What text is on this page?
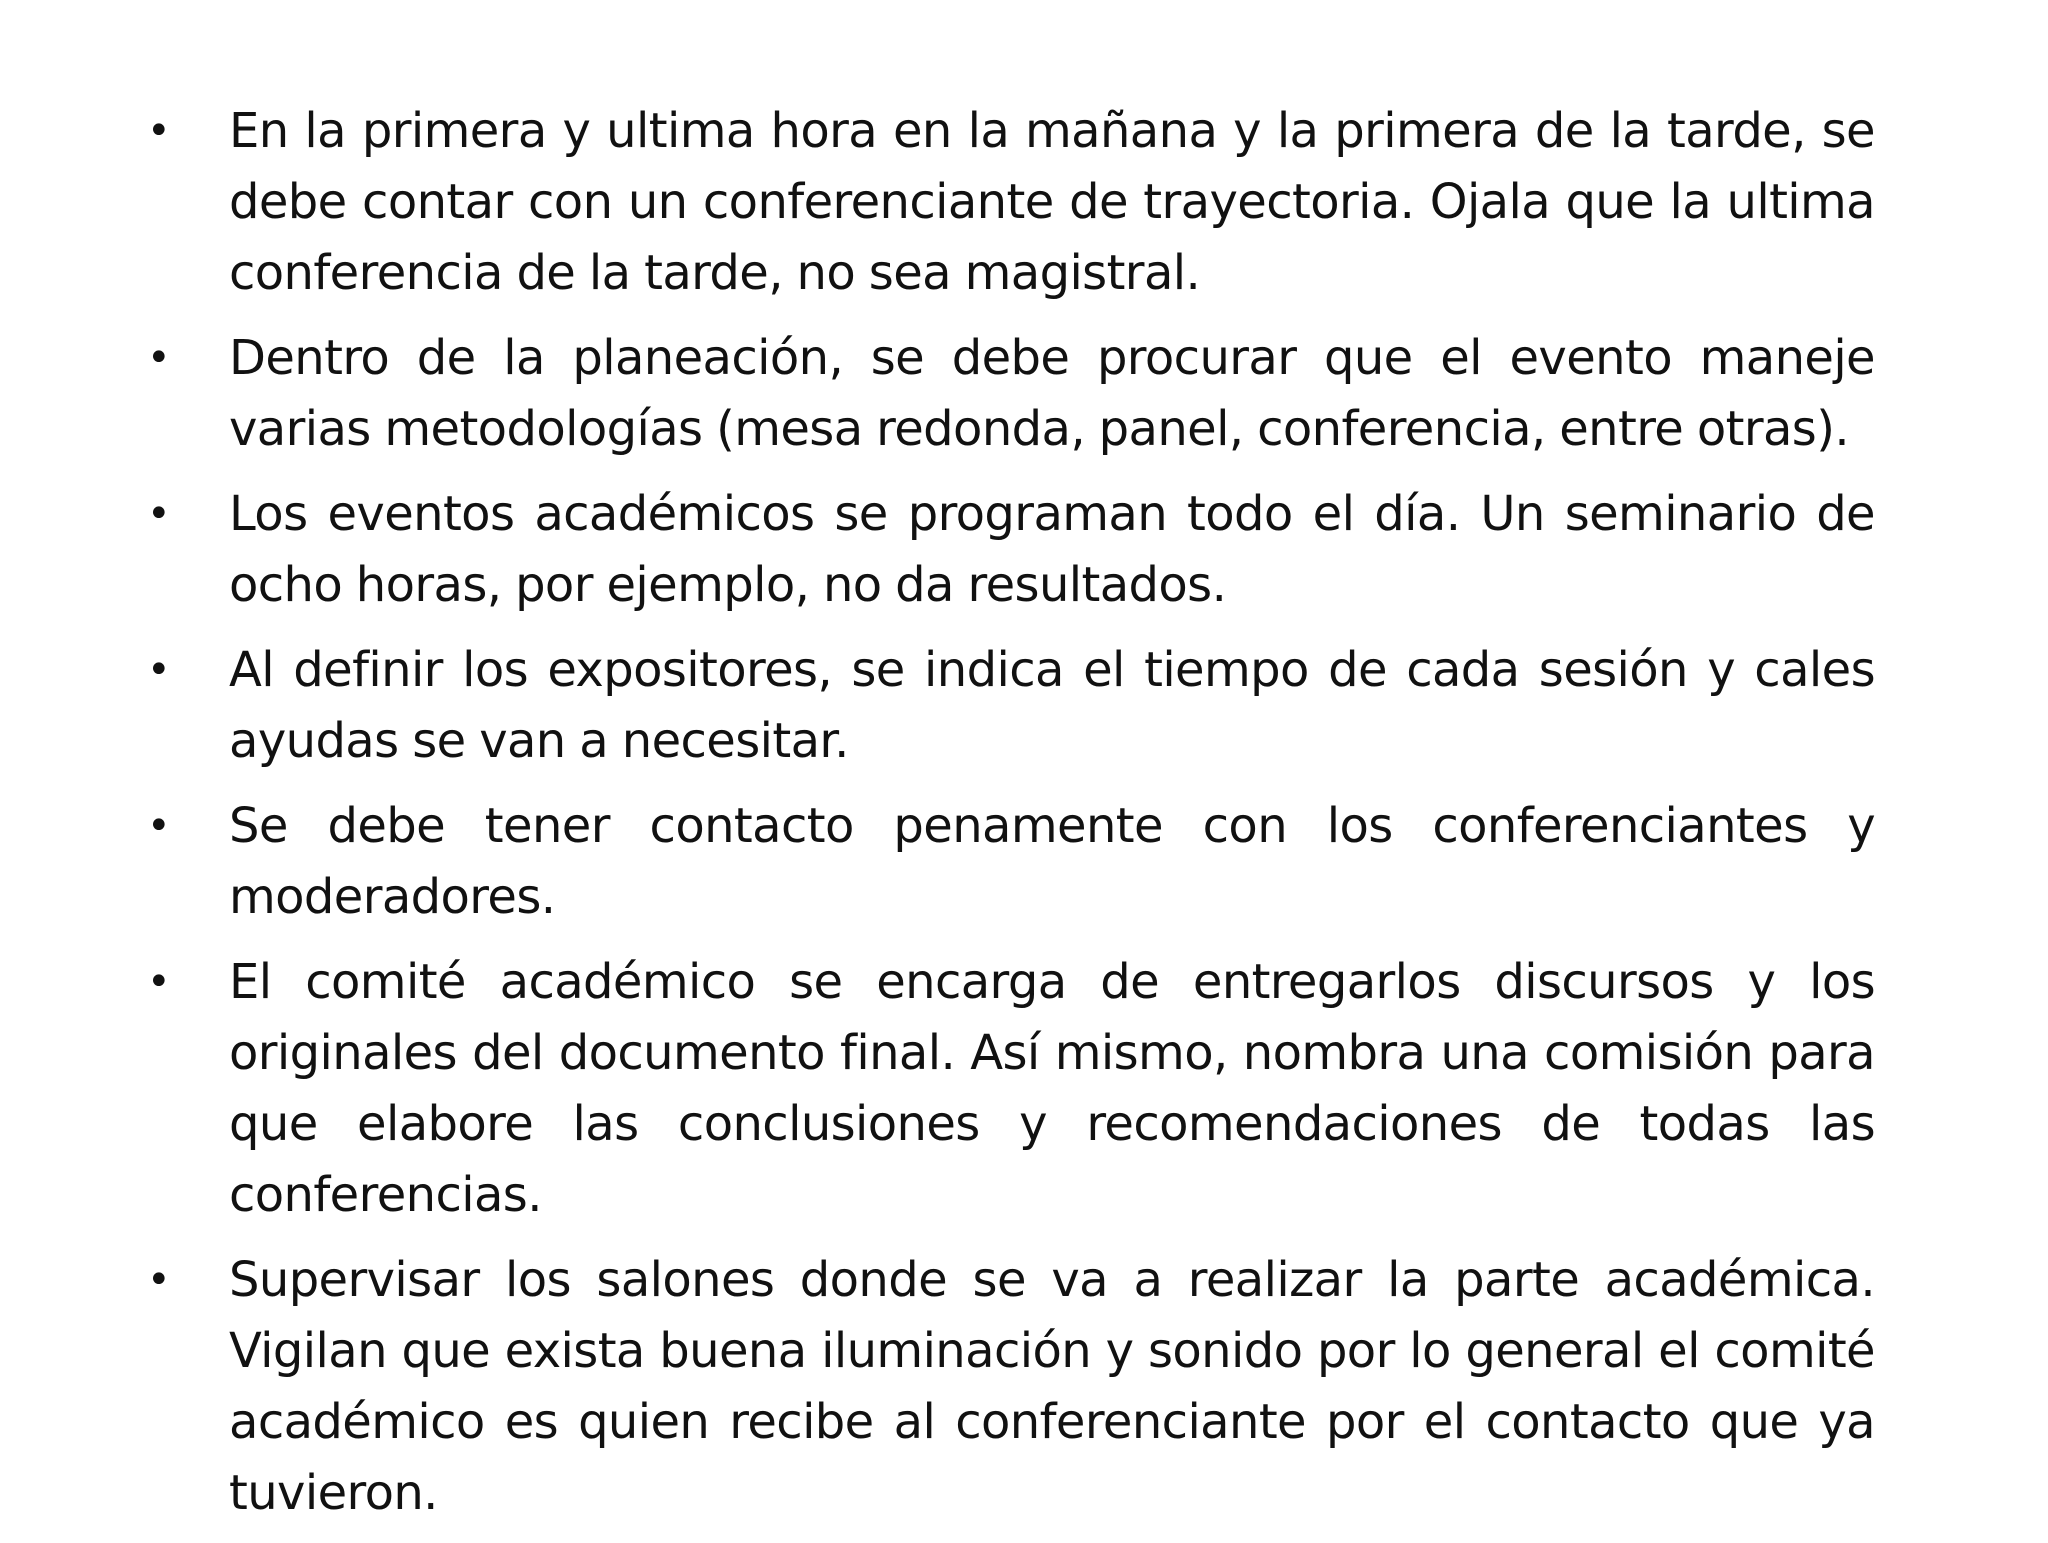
•	En la primera y ultima hora en la mañana y la primera de la tarde, se debe contar con un conferenciante de trayectoria. Ojala que la ultima conferencia de la tarde, no sea magistral.
•	Dentro de la planeación, se debe procurar que el evento maneje varias metodologías (mesa redonda, panel, conferencia, entre otras).
•	Los eventos académicos se programan todo el día. Un seminario de ocho horas, por ejemplo, no da resultados.
•	Al definir los expositores, se indica el tiempo de cada sesión y cales ayudas se van a necesitar.
•	Se debe tener contacto penamente con los conferenciantes y moderadores.
•	El comité académico se encarga de entregarlos discursos y los originales del documento final. Así mismo, nombra una comisión para que elabore las conclusiones y recomendaciones de todas las conferencias.
•	Supervisar los salones donde se va a realizar la parte académica. Vigilan que exista buena iluminación y sonido por lo general el comité académico es quien recibe al conferenciante por el contacto que ya tuvieron.
